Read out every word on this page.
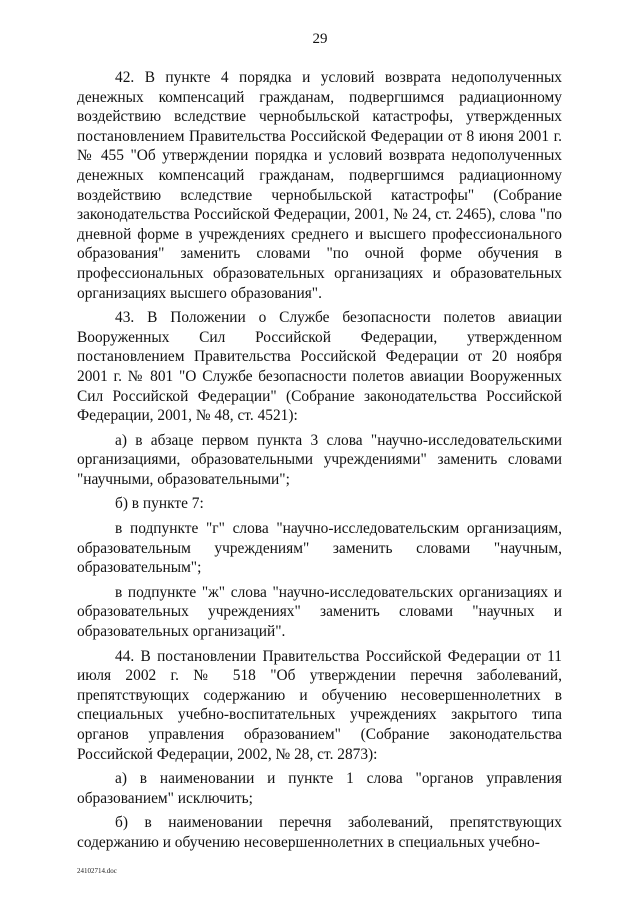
29

42. В пункте 4 порядка и условий возврата недополученных денежных компенсаций гражданам, подвергшимся радиационному воздействию вследствие чернобыльской катастрофы, утвержденных постановлением Правительства Российской Федерации от 8 июня 2001 г. № 455 "Об утверждении порядка и условий возврата недополученных денежных компенсаций гражданам, подвергшимся радиационному воздействию вследствие чернобыльской катастрофы" (Собрание законодательства Российской Федерации, 2001, № 24, ст. 2465), слова "по дневной форме в учреждениях среднего и высшего профессионального образования" заменить словами "по очной форме обучения в профессиональных образовательных организациях и образовательных организациях высшего образования".

43. В Положении о Службе безопасности полетов авиации Вооруженных Сил Российской Федерации, утвержденном постановлением Правительства Российской Федерации от 20 ноября 2001 г. № 801 "О Службе безопасности полетов авиации Вооруженных Сил Российской Федерации" (Собрание законодательства Российской Федерации, 2001, № 48, ст. 4521):

а) в абзаце первом пункта 3 слова "научно-исследовательскими организациями, образовательными учреждениями" заменить словами "научными, образовательными";

б) в пункте 7:

в подпункте "г" слова "научно-исследовательским организациям, образовательным учреждениям" заменить словами "научным, образовательным";

в подпункте "ж" слова "научно-исследовательских организациях и образовательных учреждениях" заменить словами "научных и образовательных организаций".

44. В постановлении Правительства Российской Федерации от 11 июля 2002 г. № 518 "Об утверждении перечня заболеваний, препятствующих содержанию и обучению несовершеннолетних в специальных учебно-воспитательных учреждениях закрытого типа органов управления образованием" (Собрание законодательства Российской Федерации, 2002, № 28, ст. 2873):

а) в наименовании и пункте 1 слова "органов управления образованием" исключить;

б) в наименовании перечня заболеваний, препятствующих содержанию и обучению несовершеннолетних в специальных учебно-

24102714.doc
